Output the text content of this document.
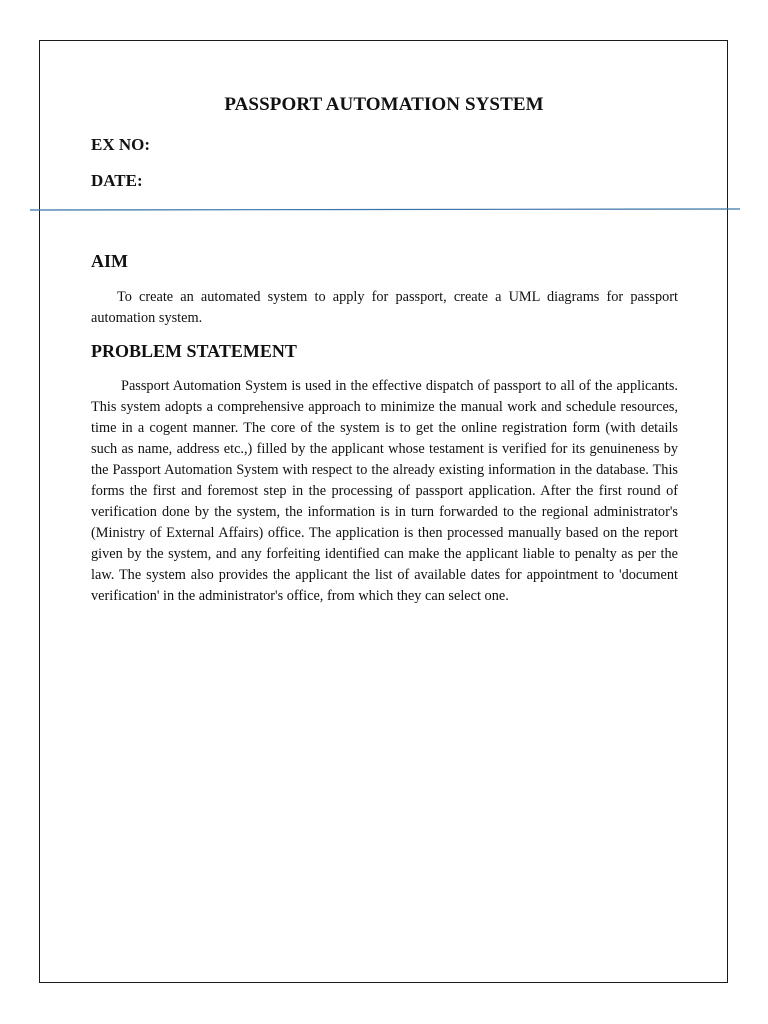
PASSPORT AUTOMATION SYSTEM
EX NO:
DATE:
AIM
To create an automated system to apply for passport, create a UML diagrams for passport automation system.
PROBLEM STATEMENT
Passport Automation System is used in the effective dispatch of passport to all of the applicants. This system adopts a comprehensive approach to minimize the manual work and schedule resources, time in a cogent manner. The core of the system is to get the online registration form (with details such as name, address etc.,) filled by the applicant whose testament is verified for its genuineness by the Passport Automation System with respect to the already existing information in the database. This forms the first and foremost step in the processing of passport application. After the first round of verification done by the system, the information is in turn forwarded to the regional administrator's (Ministry of External Affairs) office. The application is then processed manually based on the report given by the system, and any forfeiting identified can make the applicant liable to penalty as per the law. The system also provides the applicant the list of available dates for appointment to 'document verification' in the administrator's office, from which they can select one.
